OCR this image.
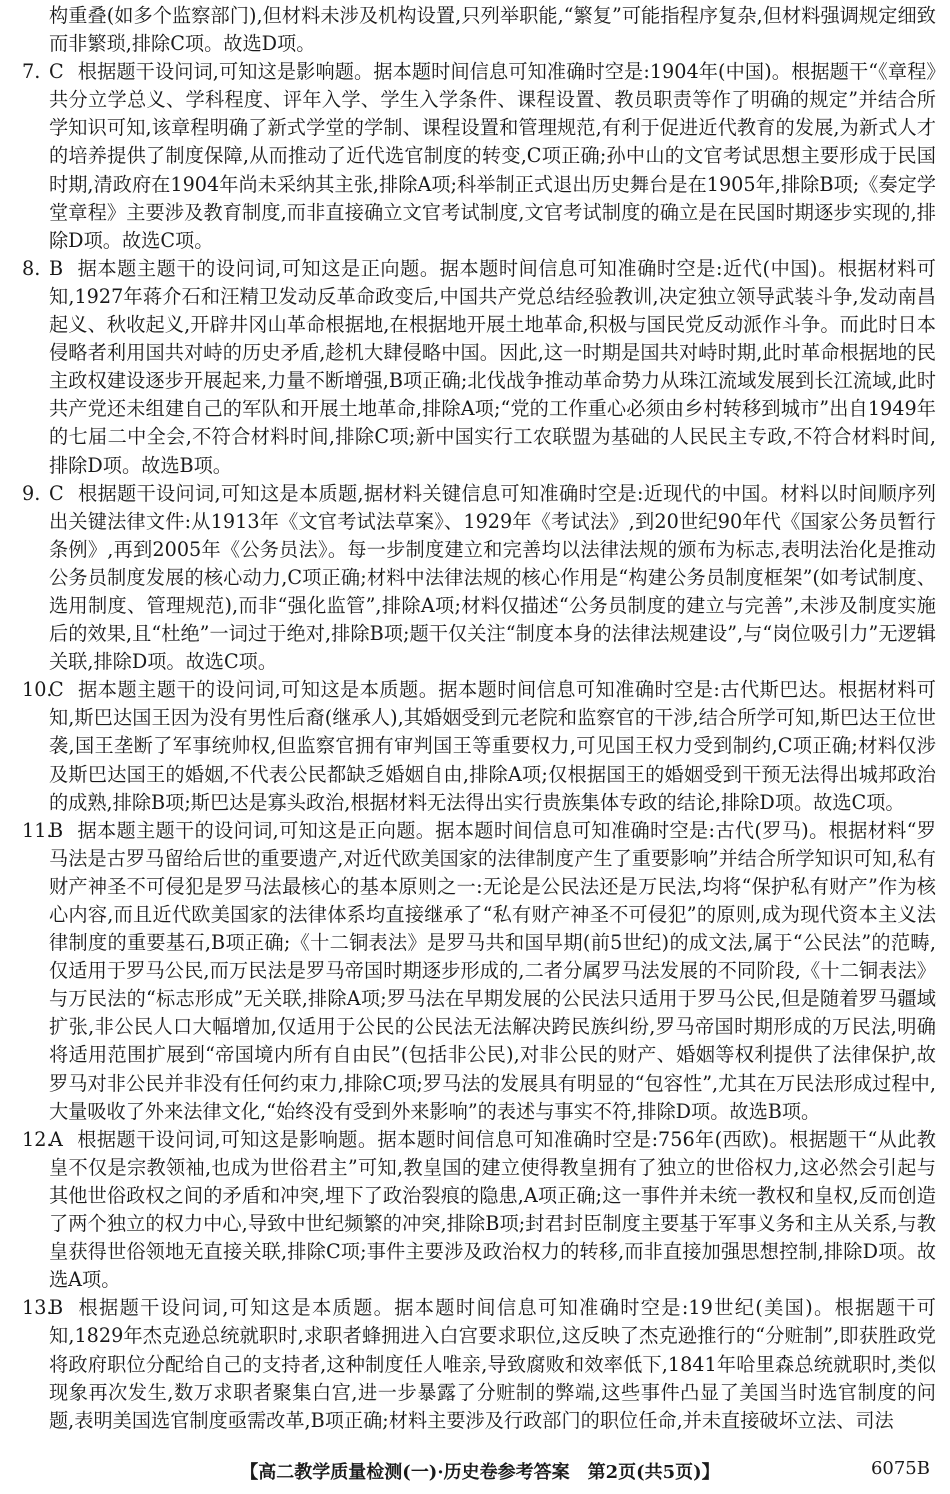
构重叠(如多个监察部门),但材料未涉及机构设置,只列举职能,“繁复”可能指程序复杂,但材料强调规定细致而非繁琐,排除C项。故选D项。

7. C 根据题干设问词,可知这是影响题。据本题时间信息可知准确时空是:1904年(中国)。根据题干“《章程》共分立学总义、学科程度、评年入学、学生入学条件、课程设置、教员职责等作了明确的规定”并结合所学知识可知,该章程明确了新式学堂的学制、课程设置和管理规范,有利于促进近代教育的发展,为新式人才的培养提供了制度保障,从而推动了近代选官制度的转变,C项正确;孙中山的文官考试思想主要形成于民国时期,清政府在1904年尚未采纳其主张,排除A项;科举制正式退出历史舞台是在1905年,排除B项;《奏定学堂章程》主要涉及教育制度,而非直接确立文官考试制度,文官考试制度的确立是在民国时期逐步实现的,排除D项。故选C项。
8. B 据本题主题干的设问词,可知这是正向题。据本题时间信息可知准确时空是:近代(中国)。根据材料可知,1927年蒋介石和汪精卫发动反革命政变后,中国共产党总结经验教训,决定独立领导武装斗争,发动南昌起义、秋收起义,开辟井冈山革命根据地,在根据地开展土地革命,积极与国民党反动派作斗争。而此时日本侵略者利用国共对峙的历史矛盾,趁机大肆侵略中国。因此,这一时期是国共对峙时期,此时革命根据地的民主政权建设逐步开展起来,力量不断增强,B项正确;北伐战争推动革命势力从珠江流域发展到长江流域,此时共产党还未组建自己的军队和开展土地革命,排除A项;“党的工作重心必须由乡村转移到城市”出自1949年的七届二中全会,不符合材料时间,排除C项;新中国实行工农联盟为基础的人民民主专政,不符合材料时间,排除D项。故选B项。
9. C 根据题干设问词,可知这是本质题,据材料关键信息可知准确时空是:近现代的中国。材料以时间顺序列出关键法律文件:从1913年《文官考试法草案》、1929年《考试法》,到20世纪90年代《国家公务员暂行条例》,再到2005年《公务员法》。每一步制度建立和完善均以法律法规的颁布为标志,表明法治化是推动公务员制度发展的核心动力,C项正确;材料中法律法规的核心作用是“构建公务员制度框架”(如考试制度、选用制度、管理规范),而非“强化监管”,排除A项;材料仅描述“公务员制度的建立与完善”,未涉及制度实施后的效果,且“杜绝”一词过于绝对,排除B项;题干仅关注“制度本身的法律法规建设”,与“岗位吸引力”无逻辑关联,排除D项。故选C项。
10.
C 据本题主题干的设问词,可知这是本质题。据本题时间信息可知准确时空是:古代斯巴达。根据材料可知,斯巴达国王因为没有男性后裔(继承人),其婚姻受到元老院和监察官的干涉,结合所学可知,斯巴达王位世袭,国王垄断了军事统帅权,但监察官拥有审判国王等重要权力,可见国王权力受到制约,C项正确;材料仅涉及斯巴达国王的婚姻,不代表公民都缺乏婚姻自由,排除A项;仅根据国王的婚姻受到干预无法得出城邦政治的成熟,排除B项;斯巴达是寡头政治,根据材料无法得出实行贵族集体专政的结论,排除D项。故选C项。
11.
B 据本题主题干的设问词,可知这是正向题。据本题时间信息可知准确时空是:古代(罗马)。根据材料“罗马法是古罗马留给后世的重要遗产,对近代欧美国家的法律制度产生了重要影响”并结合所学知识可知,私有财产神圣不可侵犯是罗马法最核心的基本原则之一:无论是公民法还是万民法,均将“保护私有财产”作为核心内容,而且近代欧美国家的法律体系均直接继承了“私有财产神圣不可侵犯”的原则,成为现代资本主义法律制度的重要基石,B项正确;《十二铜表法》是罗马共和国早期(前5世纪)的成文法,属于“公民法”的范畴,仅适用于罗马公民,而万民法是罗马帝国时期逐步形成的,二者分属罗马法发展的不同阶段,《十二铜表法》与万民法的“标志形成”无关联,排除A项;罗马法在早期发展的公民法只适用于罗马公民,但是随着罗马疆域扩张,非公民人口大幅增加,仅适用于公民的公民法无法解决跨民族纠纷,罗马帝国时期形成的万民法,明确将适用范围扩展到“帝国境内所有自由民”(包括非公民),对非公民的财产、婚姻等权利提供了法律保护,故罗马对非公民并非没有任何约束力,排除C项;罗马法的发展具有明显的“包容性”,尤其在万民法形成过程中,大量吸收了外来法律文化,“始终没有受到外来影响”的表述与事实不符,排除D项。故选B项。
12.
A 根据题干设问词,可知这是影响题。据本题时间信息可知准确时空是:756年(西欧)。根据题干“从此教皇不仅是宗教领袖,也成为世俗君主”可知,教皇国的建立使得教皇拥有了独立的世俗权力,这必然会引起与其他世俗政权之间的矛盾和冲突,埋下了政治裂痕的隐患,A项正确;这一事件并未统一教权和皇权,反而创造了两个独立的权力中心,导致中世纪频繁的冲突,排除B项;封君封臣制度主要基于军事义务和主从关系,与教皇获得世俗领地无直接关联,排除C项;事件主要涉及政治权力的转移,而非直接加强思想控制,排除D项。故选A项。
13.
B 根据题干设问词,可知这是本质题。据本题时间信息可知准确时空是:19世纪(美国)。根据题干可知,1829年杰克逊总统就职时,求职者蜂拥进入白宫要求职位,这反映了杰克逊推行的“分赃制”,即获胜政党将政府职位分配给自己的支持者,这种制度任人唯亲,导致腐败和效率低下,1841年哈里森总统就职时,类似现象再次发生,数万求职者聚集白宫,进一步暴露了分赃制的弊端,这些事件凸显了美国当时选官制度的问题,表明美国选官制度亟需改革,B项正确;材料主要涉及行政部门的职位任命,并未直接破坏立法、司法
【高二教学质量检测(一)·历史卷参考答案　第2页(共5页)】	6075B
